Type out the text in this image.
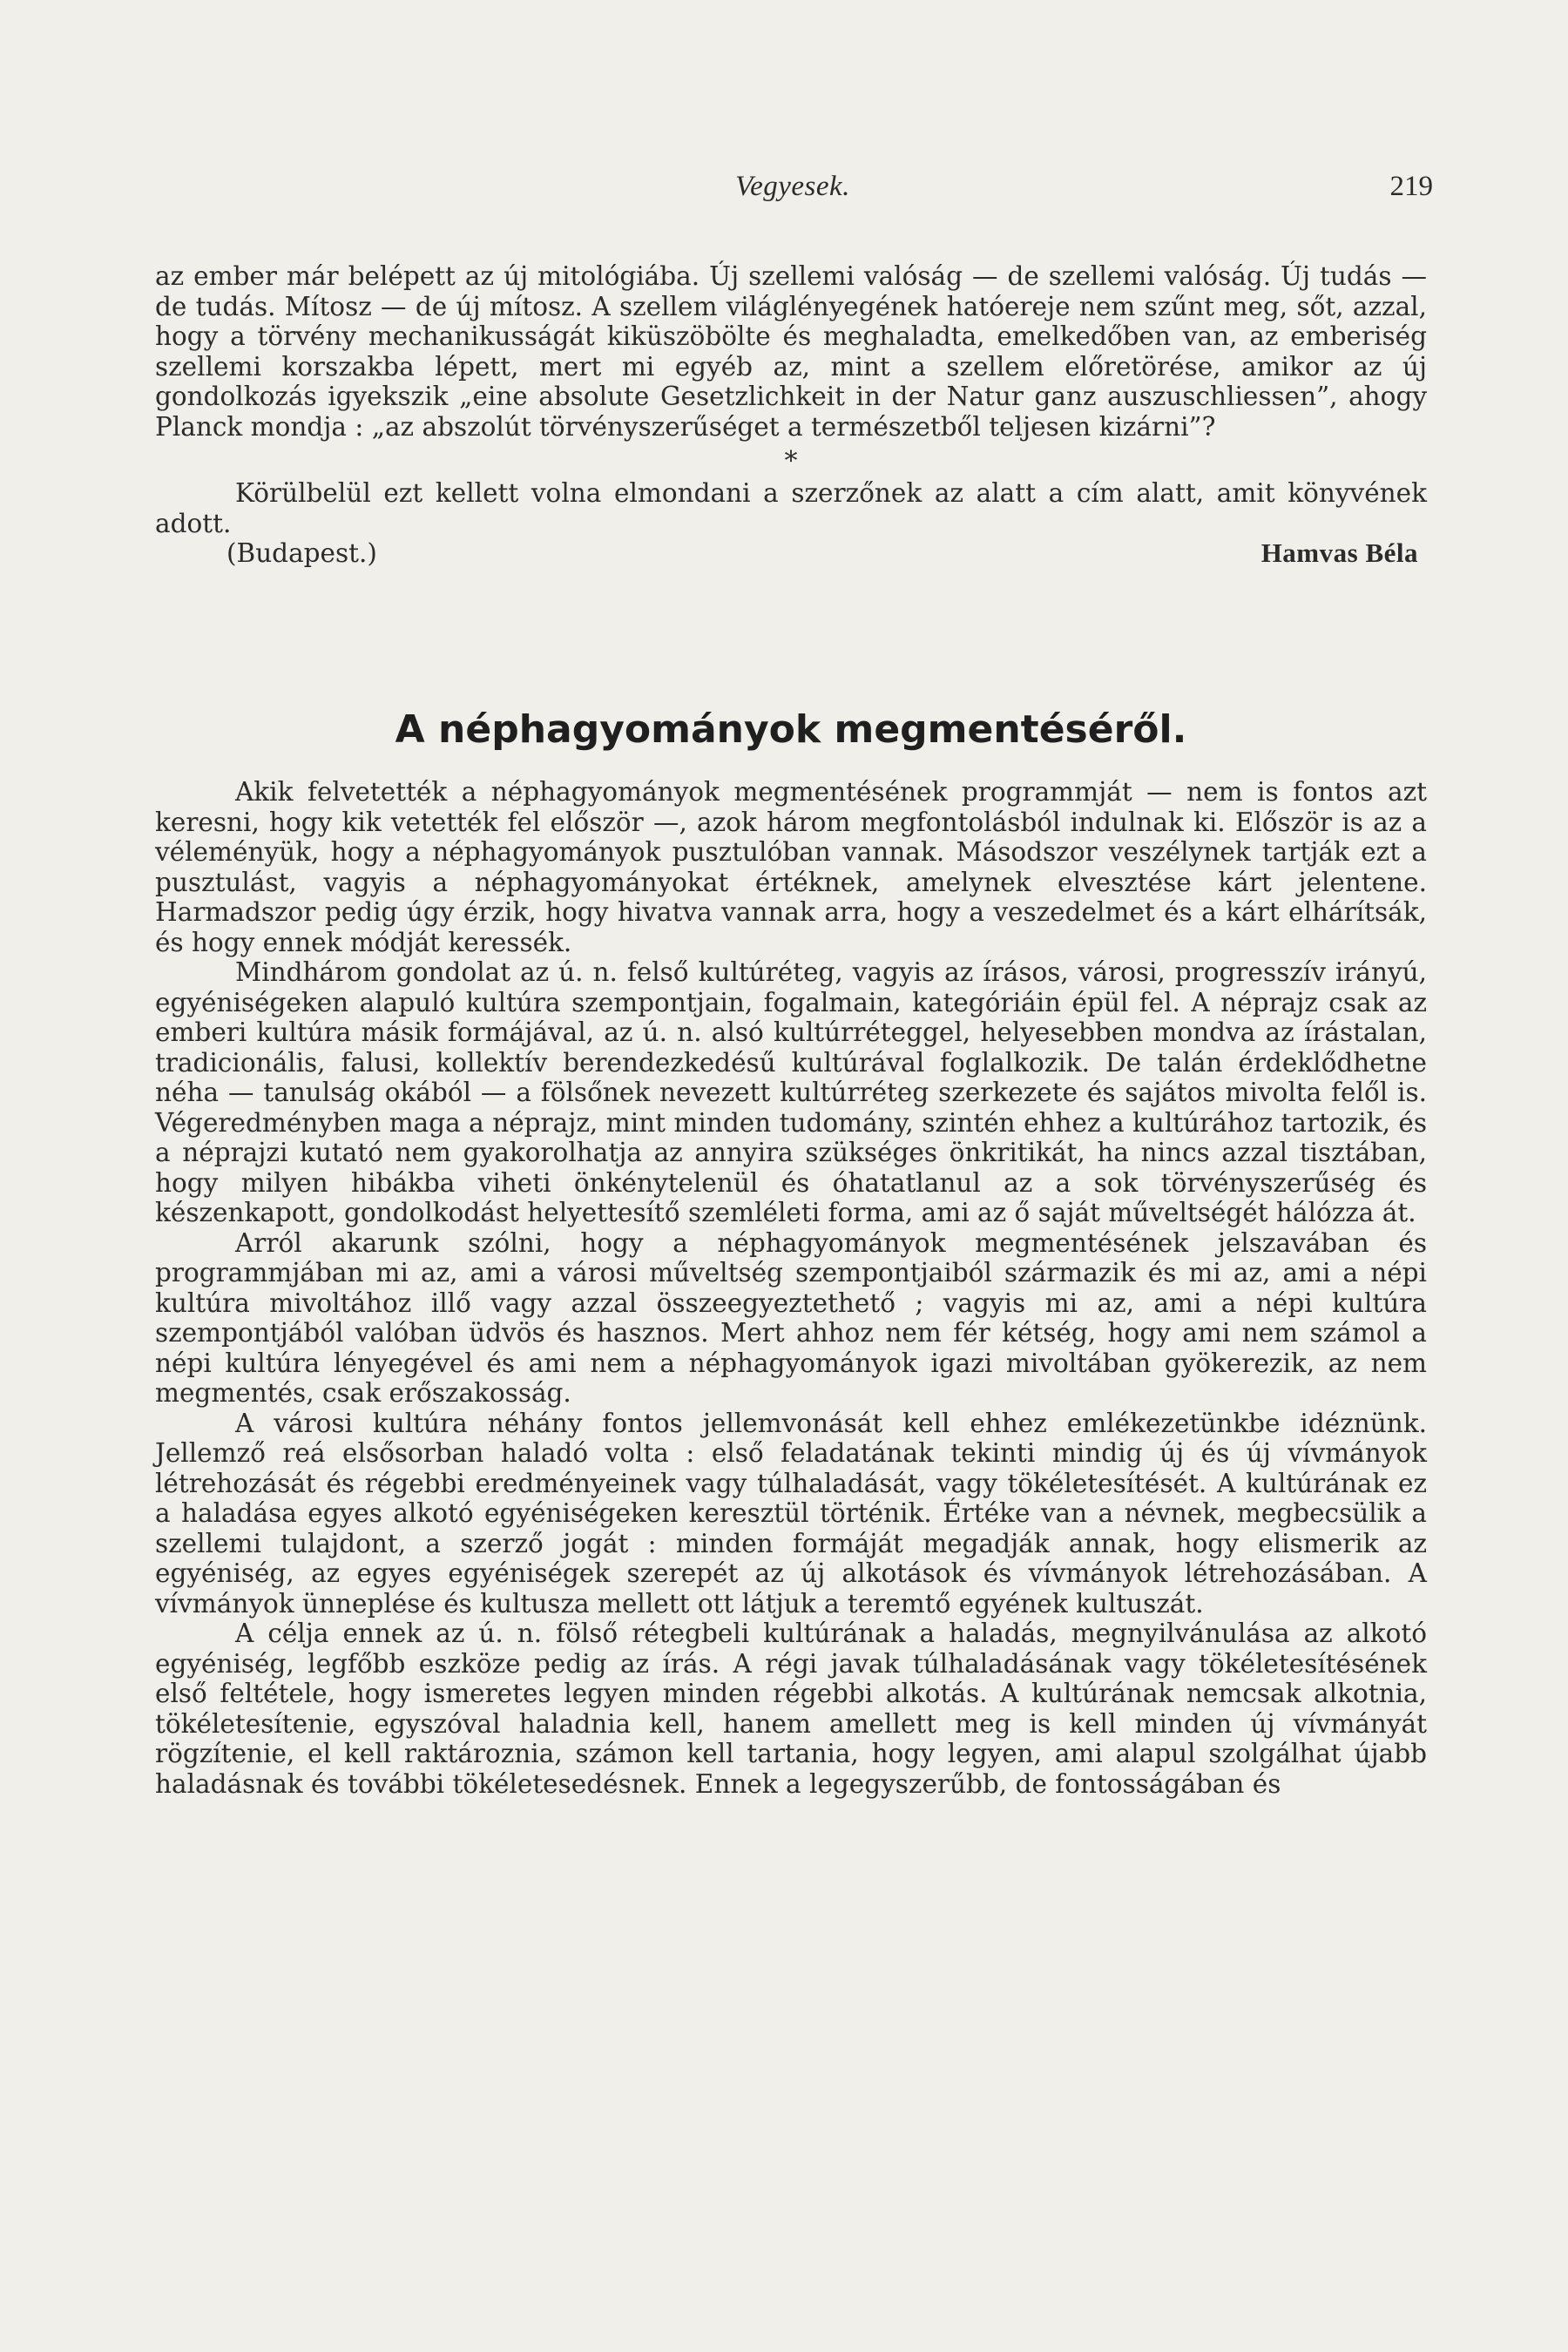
Vegyesek.	219

az ember már belépett az új mitológiába. Új szellemi valóság — de szellemi valóság. Új tudás — de tudás. Mítosz — de új mítosz. A szellem világlényegének hatóereje nem szűnt meg, sőt, azzal, hogy a törvény mechanikusságát kiküszöbölte és meghaladta, emelkedőben van, az emberiség szellemi korszakba lépett, mert mi egyéb az, mint a szellem előretörése, amikor az új gondolkozás igyekszik „eine absolute Gesetzlichkeit in der Natur ganz auszuschliessen”, ahogy Planck mondja : „az abszolút törvényszerűséget a természetből teljesen kizárni”?

*

Körülbelül ezt kellett volna elmondani a szerzőnek az alatt a cím alatt, amit könyvének adott.

(Budapest.)	Hamvas Béla
A néphagyományok megmentéséről.

Akik felvetették a néphagyományok megmentésének programmját — nem is fontos azt keresni, hogy kik vetették fel először —, azok három megfontolásból indulnak ki. Először is az a véleményük, hogy a néphagyományok pusztulóban vannak. Másodszor veszélynek tartják ezt a pusztulást, vagyis a néphagyományokat értéknek, amelynek elvesztése kárt jelentene. Harmadszor pedig úgy érzik, hogy hivatva vannak arra, hogy a veszedelmet és a kárt elhárítsák, és hogy ennek módját keressék.

Mindhárom gondolat az ú. n. felső kultúréteg, vagyis az írásos, városi, progresszív irányú, egyéniségeken alapuló kultúra szempontjain, fogalmain, kategóriáin épül fel. A néprajz csak az emberi kultúra másik formájával, az ú. n. alsó kultúrréteggel, helyesebben mondva az írástalan, tradicionális, falusi, kollektív berendezkedésű kultúrával foglalkozik. De talán érdeklődhetne néha — tanulság okából — a fölsőnek nevezett kultúrréteg szerkezete és sajátos mivolta felől is. Végeredményben maga a néprajz, mint minden tudomány, szintén ehhez a kultúrához tartozik, és a néprajzi kutató nem gyakorolhatja az annyira szükséges önkritikát, ha nincs azzal tisztában, hogy milyen hibákba viheti önkénytelenül és óhatatlanul az a sok törvényszerűség és készenkapott, gondolkodást helyettesítő szemléleti forma, ami az ő saját műveltségét hálózza át.

Arról akarunk szólni, hogy a néphagyományok megmentésének jelszavában és programmjában mi az, ami a városi műveltség szempontjaiból származik és mi az, ami a népi kultúra mivoltához illő vagy azzal összeegyeztethető ; vagyis mi az, ami a népi kultúra szempontjából valóban üdvös és hasznos. Mert ahhoz nem fér kétség, hogy ami nem számol a népi kultúra lényegével és ami nem a néphagyományok igazi mivoltában gyökerezik, az nem megmentés, csak erőszakosság.

A városi kultúra néhány fontos jellemvonását kell ehhez emlékezetünkbe idéznünk. Jellemző reá elsősorban haladó volta : első feladatának tekinti mindig új és új vívmányok létrehozását és régebbi eredményeinek vagy túlhaladását, vagy tökéletesítését. A kultúrának ez a haladása egyes alkotó egyéniségeken keresztül történik. Értéke van a névnek, megbecsülik a szellemi tulajdont, a szerző jogát : minden formáját megadják annak, hogy elismerik az egyéniség, az egyes egyéniségek szerepét az új alkotások és vívmányok létrehozásában. A vívmányok ünneplése és kultusza mellett ott látjuk a teremtő egyének kultuszát.

A célja ennek az ú. n. fölső rétegbeli kultúrának a haladás, megnyilvánulása az alkotó egyéniség, legfőbb eszköze pedig az írás. A régi javak túlhaladásának vagy tökéletesítésének első feltétele, hogy ismeretes legyen minden régebbi alkotás. A kultúrának nemcsak alkotnia, tökéletesítenie, egyszóval haladnia kell, hanem amellett meg is kell minden új vívmányát rögzítenie, el kell raktároznia, számon kell tartania, hogy legyen, ami alapul szolgálhat újabb haladásnak és további tökéletesedésnek. Ennek a legegyszerűbb, de fontosságában és
